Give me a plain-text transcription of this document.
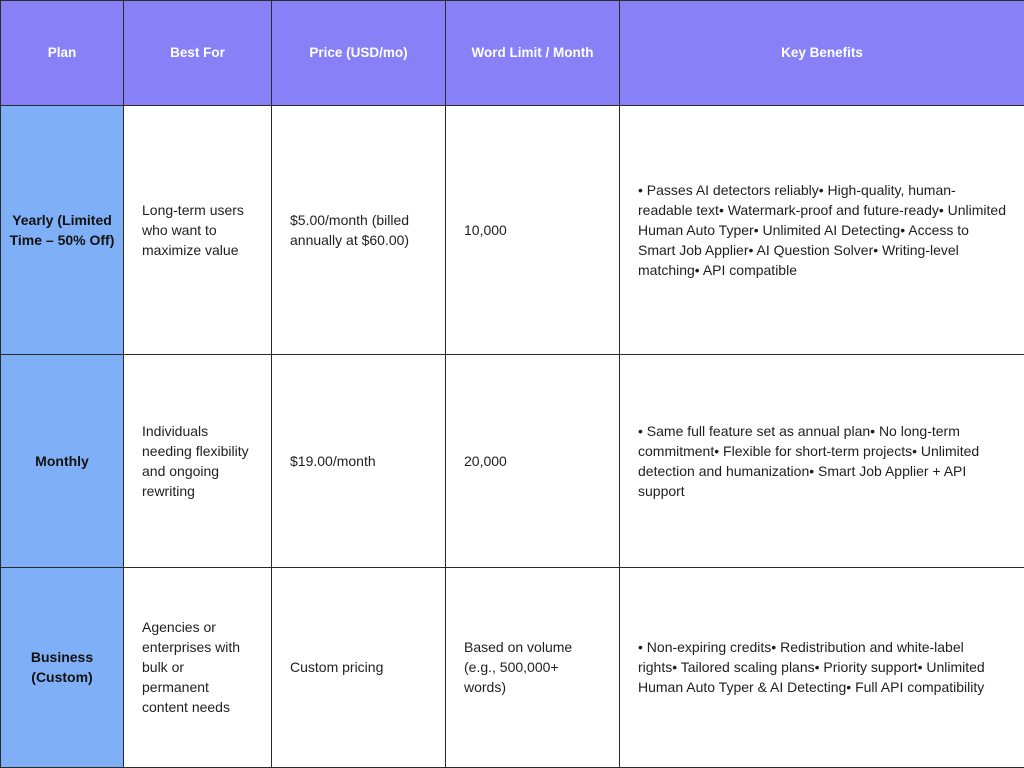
Plan	Best For	Price (USD/mo)	Word Limit / Month	Key Benefits
Yearly (Limited Time – 50% Off)	Long-term users who want to maximize value	$5.00/month (billed annually at $60.00)	10,000	• Passes AI detectors reliably• High-quality, human-readable text• Watermark-proof and future-ready• Unlimited Human Auto Typer• Unlimited AI Detecting• Access to Smart Job Applier• AI Question Solver• Writing-level matching• API compatible
Monthly	Individuals needing flexibility and ongoing rewriting	$19.00/month	20,000	• Same full feature set as annual plan• No long-term commitment• Flexible for short-term projects• Unlimited detection and humanization• Smart Job Applier + API support
Business (Custom)	Agencies or enterprises with bulk or permanent content needs	Custom pricing	Based on volume (e.g., 500,000+ words)	• Non-expiring credits• Redistribution and white-label rights• Tailored scaling plans• Priority support• Unlimited Human Auto Typer & AI Detecting• Full API compatibility
